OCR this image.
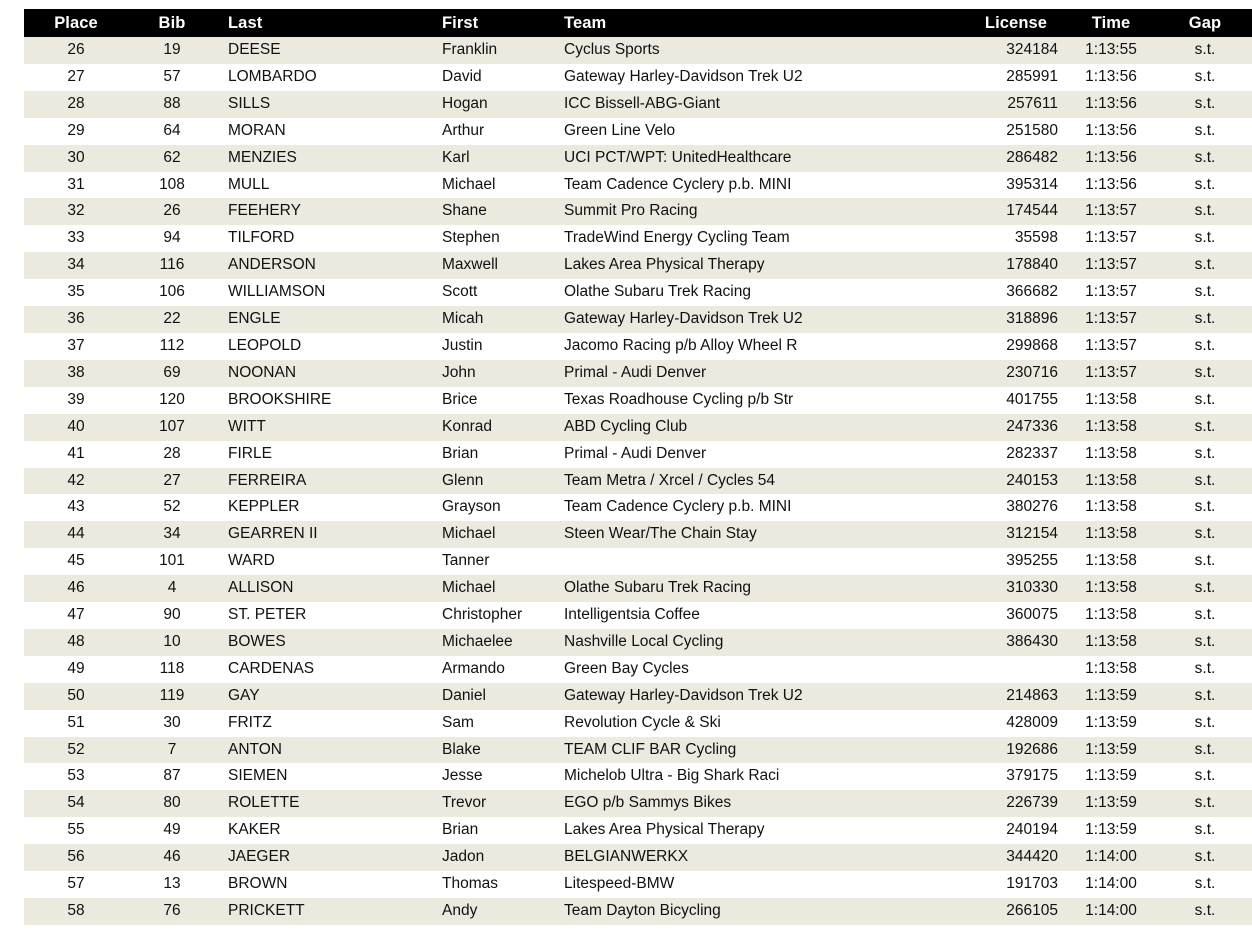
Place	Bib	Last	First	Team	License	Time	Gap
26	19	DEESE	Franklin	Cyclus Sports	324184	1:13:55	s.t.
27	57	LOMBARDO	David	Gateway Harley-Davidson Trek U2	285991	1:13:56	s.t.
28	88	SILLS	Hogan	ICC Bissell-ABG-Giant	257611	1:13:56	s.t.
29	64	MORAN	Arthur	Green Line Velo	251580	1:13:56	s.t.
30	62	MENZIES	Karl	UCI PCT/WPT: UnitedHealthcare	286482	1:13:56	s.t.
31	108	MULL	Michael	Team Cadence Cyclery p.b. MINI	395314	1:13:56	s.t.
32	26	FEEHERY	Shane	Summit Pro Racing	174544	1:13:57	s.t.
33	94	TILFORD	Stephen	TradeWind Energy Cycling Team	35598	1:13:57	s.t.
34	116	ANDERSON	Maxwell	Lakes Area Physical Therapy	178840	1:13:57	s.t.
35	106	WILLIAMSON	Scott	Olathe Subaru Trek Racing	366682	1:13:57	s.t.
36	22	ENGLE	Micah	Gateway Harley-Davidson Trek U2	318896	1:13:57	s.t.
37	112	LEOPOLD	Justin	Jacomo Racing p/b Alloy Wheel R	299868	1:13:57	s.t.
38	69	NOONAN	John	Primal - Audi Denver	230716	1:13:57	s.t.
39	120	BROOKSHIRE	Brice	Texas Roadhouse Cycling p/b Str	401755	1:13:58	s.t.
40	107	WITT	Konrad	ABD Cycling Club	247336	1:13:58	s.t.
41	28	FIRLE	Brian	Primal - Audi Denver	282337	1:13:58	s.t.
42	27	FERREIRA	Glenn	Team Metra / Xrcel / Cycles 54	240153	1:13:58	s.t.
43	52	KEPPLER	Grayson	Team Cadence Cyclery p.b. MINI	380276	1:13:58	s.t.
44	34	GEARREN II	Michael	Steen Wear/The Chain Stay	312154	1:13:58	s.t.
45	101	WARD	Tanner		395255	1:13:58	s.t.
46	4	ALLISON	Michael	Olathe Subaru Trek Racing	310330	1:13:58	s.t.
47	90	ST. PETER	Christopher	Intelligentsia Coffee	360075	1:13:58	s.t.
48	10	BOWES	Michaelee	Nashville Local Cycling	386430	1:13:58	s.t.
49	118	CARDENAS	Armando	Green Bay Cycles		1:13:58	s.t.
50	119	GAY	Daniel	Gateway Harley-Davidson Trek U2	214863	1:13:59	s.t.
51	30	FRITZ	Sam	Revolution Cycle & Ski	428009	1:13:59	s.t.
52	7	ANTON	Blake	TEAM CLIF BAR Cycling	192686	1:13:59	s.t.
53	87	SIEMEN	Jesse	Michelob Ultra - Big Shark Raci	379175	1:13:59	s.t.
54	80	ROLETTE	Trevor	EGO p/b Sammys Bikes	226739	1:13:59	s.t.
55	49	KAKER	Brian	Lakes Area Physical Therapy	240194	1:13:59	s.t.
56	46	JAEGER	Jadon	BELGIANWERKX	344420	1:14:00	s.t.
57	13	BROWN	Thomas	Litespeed-BMW	191703	1:14:00	s.t.
58	76	PRICKETT	Andy	Team Dayton Bicycling	266105	1:14:00	s.t.
